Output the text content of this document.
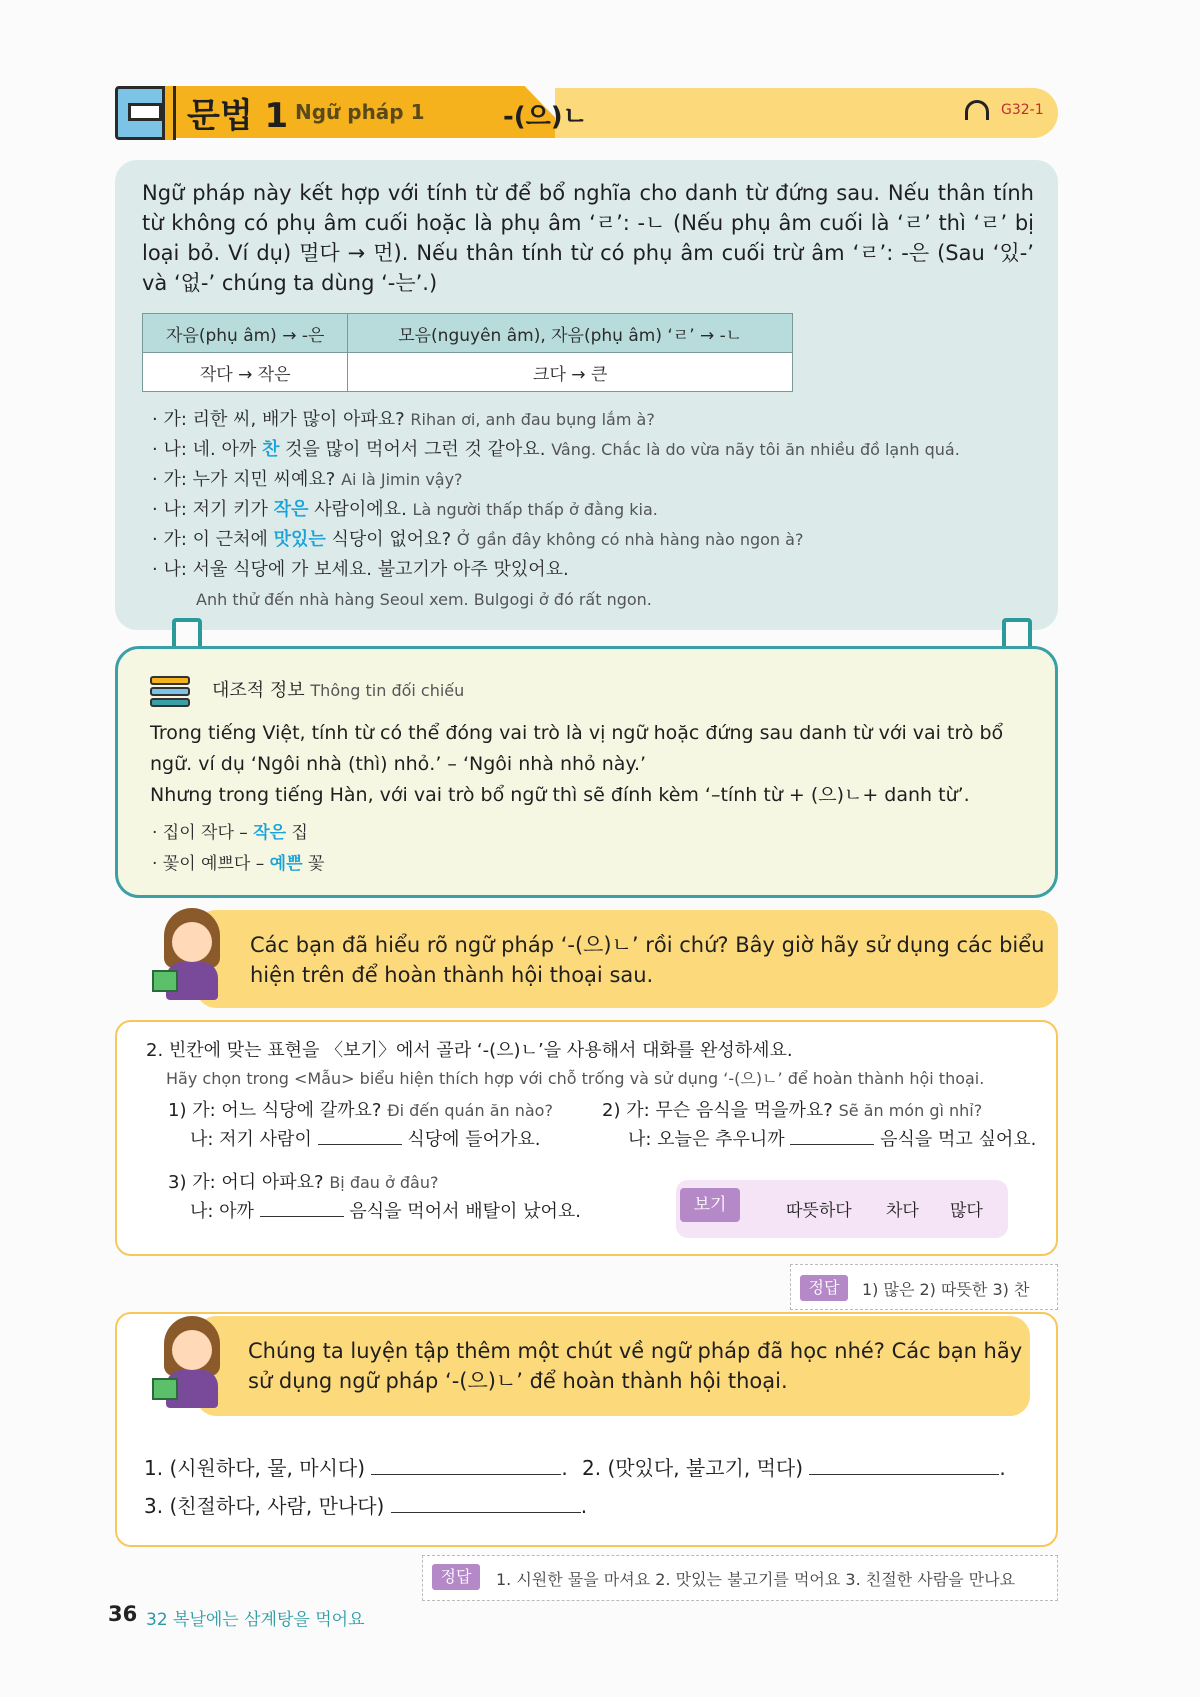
문법 1 Ngữ pháp 1	-(으)ㄴ	G32-1
Ngữ pháp này kết hợp với tính từ để bổ nghĩa cho danh từ đứng sau. Nếu thân tính từ không có phụ âm cuối hoặc là phụ âm ‘ㄹ’: -ㄴ (Nếu phụ âm cuối là ‘ㄹ’ thì ‘ㄹ’ bị loại bỏ. Ví dụ) 멀다 → 먼). Nếu thân tính từ có phụ âm cuối trừ âm ‘ㄹ’: -은 (Sau ‘있-’ và ‘없-’ chúng ta dùng ‘-는’.)
자음(phụ âm) → -은	모음(nguyên âm), 자음(phụ âm) ‘ㄹ’ → -ㄴ
작다 → 작은	크다 → 큰
· 가: 리한 씨, 배가 많이 아파요? Rihan ơi, anh đau bụng lắm à?
· 나: 네. 아까 찬 것을 많이 먹어서 그런 것 같아요. Vâng. Chắc là do vừa nãy tôi ăn nhiều đồ lạnh quá.
· 가: 누가 지민 씨예요? Ai là Jimin vậy?
· 나: 저기 키가 작은 사람이에요. Là người thấp thấp ở đằng kia.
· 가: 이 근처에 맛있는 식당이 없어요? Ở gần đây không có nhà hàng nào ngon à?
· 나: 서울 식당에 가 보세요. 불고기가 아주 맛있어요.
Anh thử đến nhà hàng Seoul xem. Bulgogi ở đó rất ngon.
대조적 정보 Thông tin đối chiếu
Trong tiếng Việt, tính từ có thể đóng vai trò là vị ngữ hoặc đứng sau danh từ với vai trò bổ ngữ. ví dụ ‘Ngôi nhà (thì) nhỏ.’ – ‘Ngôi nhà nhỏ này.’
Nhưng trong tiếng Hàn, với vai trò bổ ngữ thì sẽ đính kèm ‘–tính từ + (으)ㄴ+ danh từ’.
· 집이 작다 – 작은 집
· 꽃이 예쁘다 – 예쁜 꽃
Các bạn đã hiểu rõ ngữ pháp ‘-(으)ㄴ’ rồi chứ? Bây giờ hãy sử dụng các biểu
hiện trên để hoàn thành hội thoại sau.
2. 빈칸에 맞는 표현을 〈보기〉에서 골라 ‘-(으)ㄴ’을 사용해서 대화를 완성하세요.
Hãy chọn trong <Mẫu> biểu hiện thích hợp với chỗ trống và sử dụng ‘-(으)ㄴ’ để hoàn thành hội thoại.
1) 가: 어느 식당에 갈까요? Đi đến quán ăn nào?
나: 저기 사람이	식당에 들어가요.
2) 가: 무슨 음식을 먹을까요? Sẽ ăn món gì nhỉ?
나: 오늘은 추우니까	음식을 먹고 싶어요.
3) 가: 어디 아파요? Bị đau ở đâu?
나: 아까	음식을 먹어서 배탈이 났어요.	보기	따뜻하다 차다 많다
정답	1) 많은 2) 따뜻한 3) 찬
Chúng ta luyện tập thêm một chút về ngữ pháp đã học nhé? Các bạn hãy
sử dụng ngữ pháp ‘-(으)ㄴ’ để hoàn thành hội thoại.
1. (시원하다, 물, 마시다)	. 2. (맛있다, 불고기, 먹다)	.
3. (친절하다, 사람, 만나다)	.
정답	1. 시원한 물을 마셔요 2. 맛있는 불고기를 먹어요 3. 친절한 사람을 만나요
36 32 복날에는 삼계탕을 먹어요
